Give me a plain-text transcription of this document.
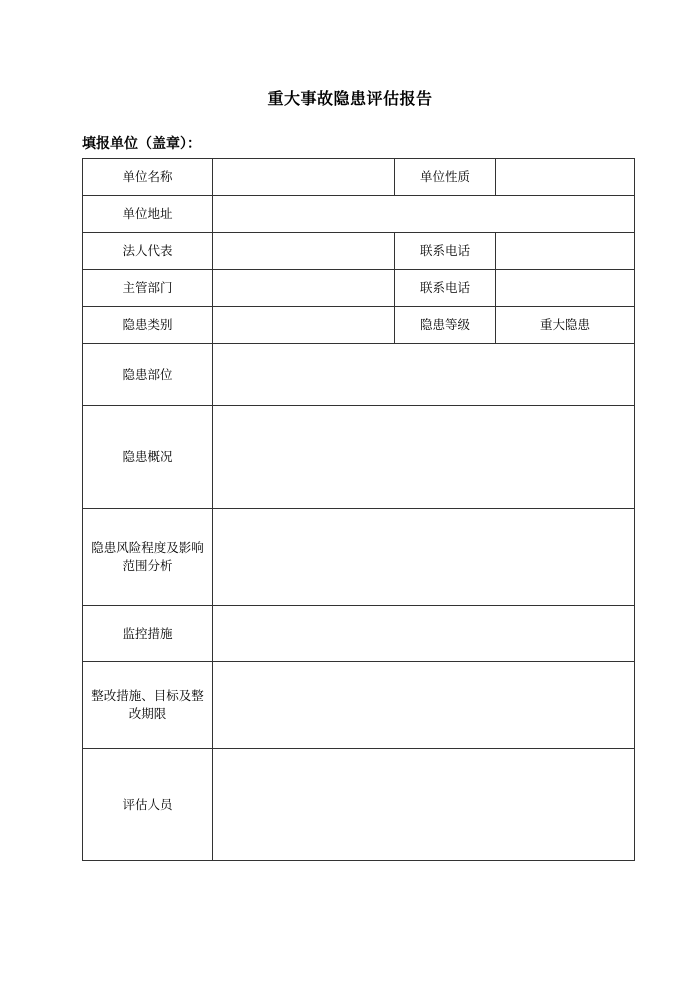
重大事故隐患评估报告
填报单位（盖章）：
单位名称		单位性质	
单位地址			
法人代表		联系电话	
主管部门		联系电话	
隐患类别		隐患等级	重大隐患
隐患部位			
隐患概况			
隐患风险程度及影响范围分析			
监控措施			
整改措施、目标及整改期限			
评估人员			
